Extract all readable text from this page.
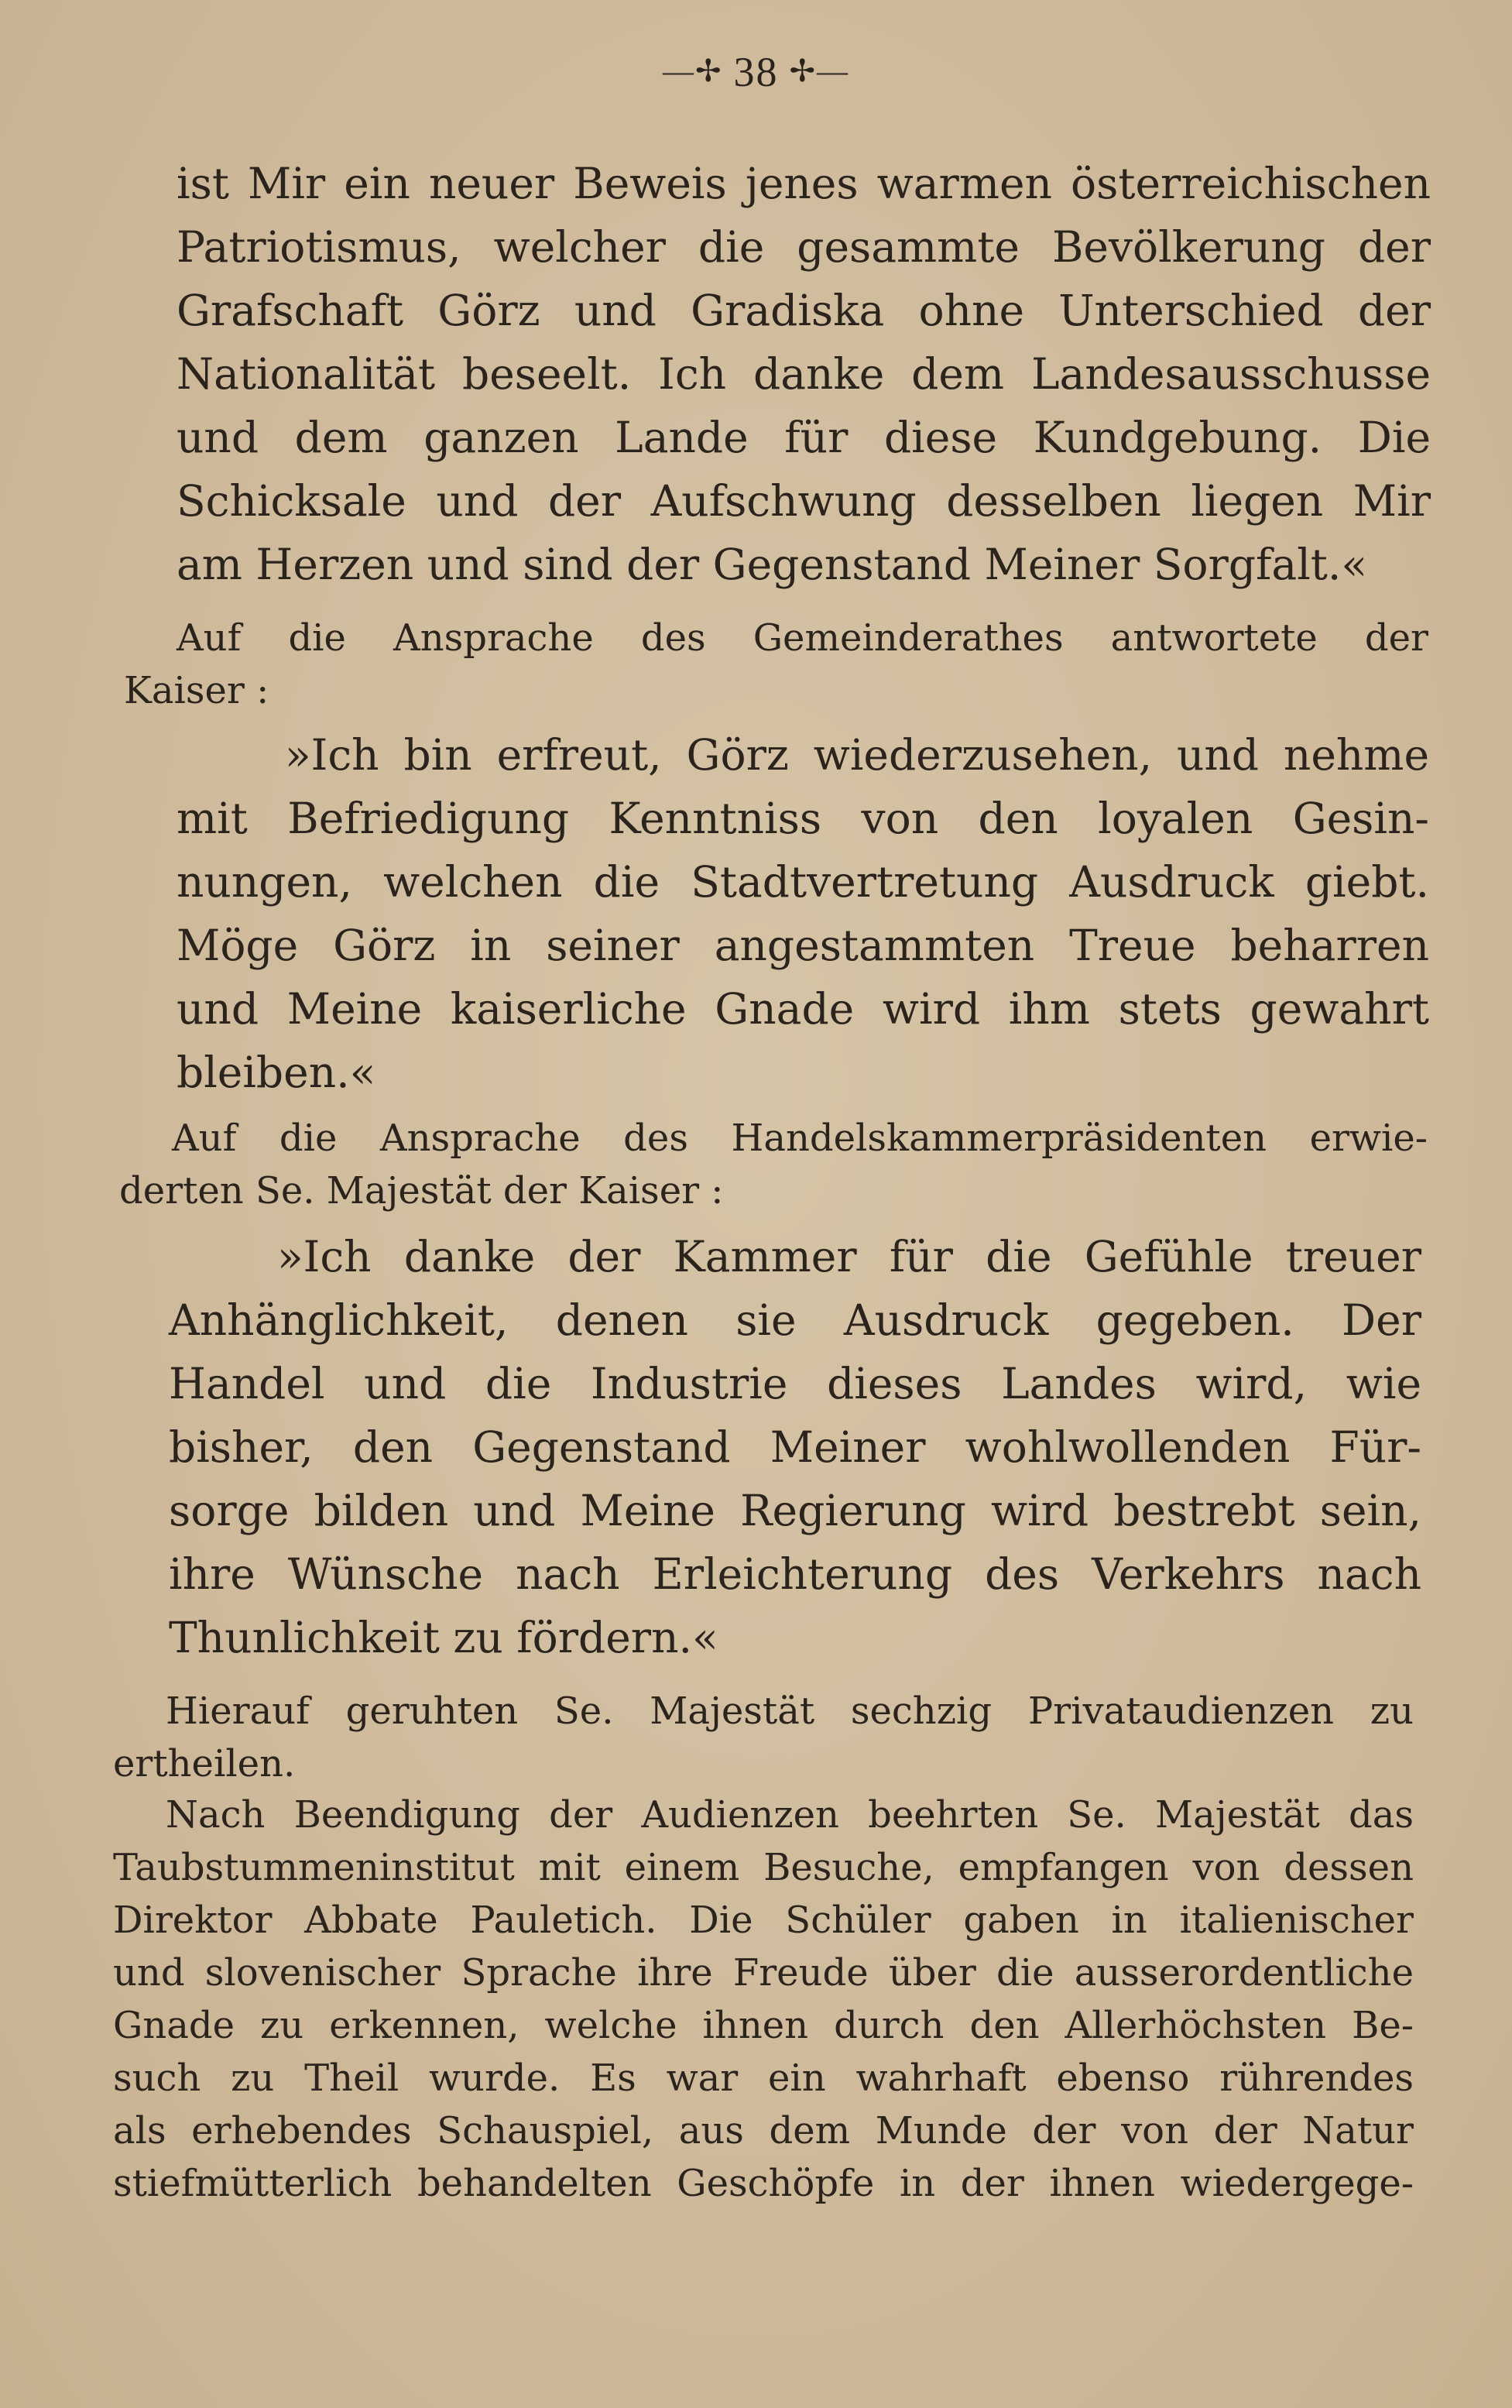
—✢ 38 ✢—
ist Mir ein neuer Beweis jenes warmen österreichischen
Patriotismus, welcher die gesammte Bevölkerung der
Grafschaft Görz und Gradiska ohne Unterschied der
Nationalität beseelt. Ich danke dem Landesausschusse
und dem ganzen Lande für diese Kundgebung. Die
Schicksale und der Aufschwung desselben liegen Mir
am Herzen und sind der Gegenstand Meiner Sorgfalt.«
Auf die Ansprache des Gemeinderathes antwortete der
Kaiser :
»Ich bin erfreut, Görz wiederzusehen, und nehme
mit Befriedigung Kenntniss von den loyalen Gesin-
nungen, welchen die Stadtvertretung Ausdruck giebt.
Möge Görz in seiner angestammten Treue beharren
und Meine kaiserliche Gnade wird ihm stets gewahrt
bleiben.«
Auf die Ansprache des Handelskammerpräsidenten erwie-
derten Se. Majestät der Kaiser :
»Ich danke der Kammer für die Gefühle treuer
Anhänglichkeit, denen sie Ausdruck gegeben. Der
Handel und die Industrie dieses Landes wird, wie
bisher, den Gegenstand Meiner wohlwollenden Für-
sorge bilden und Meine Regierung wird bestrebt sein,
ihre Wünsche nach Erleichterung des Verkehrs nach
Thunlichkeit zu fördern.«
Hierauf geruhten Se. Majestät sechzig Privataudienzen zu
ertheilen.
Nach Beendigung der Audienzen beehrten Se. Majestät das
Taubstummeninstitut mit einem Besuche, empfangen von dessen
Direktor Abbate Pauletich. Die Schüler gaben in italienischer
und slovenischer Sprache ihre Freude über die ausserordentliche
Gnade zu erkennen, welche ihnen durch den Allerhöchsten Be-
such zu Theil wurde. Es war ein wahrhaft ebenso rührendes
als erhebendes Schauspiel, aus dem Munde der von der Natur
stiefmütterlich behandelten Geschöpfe in der ihnen wiedergege-
